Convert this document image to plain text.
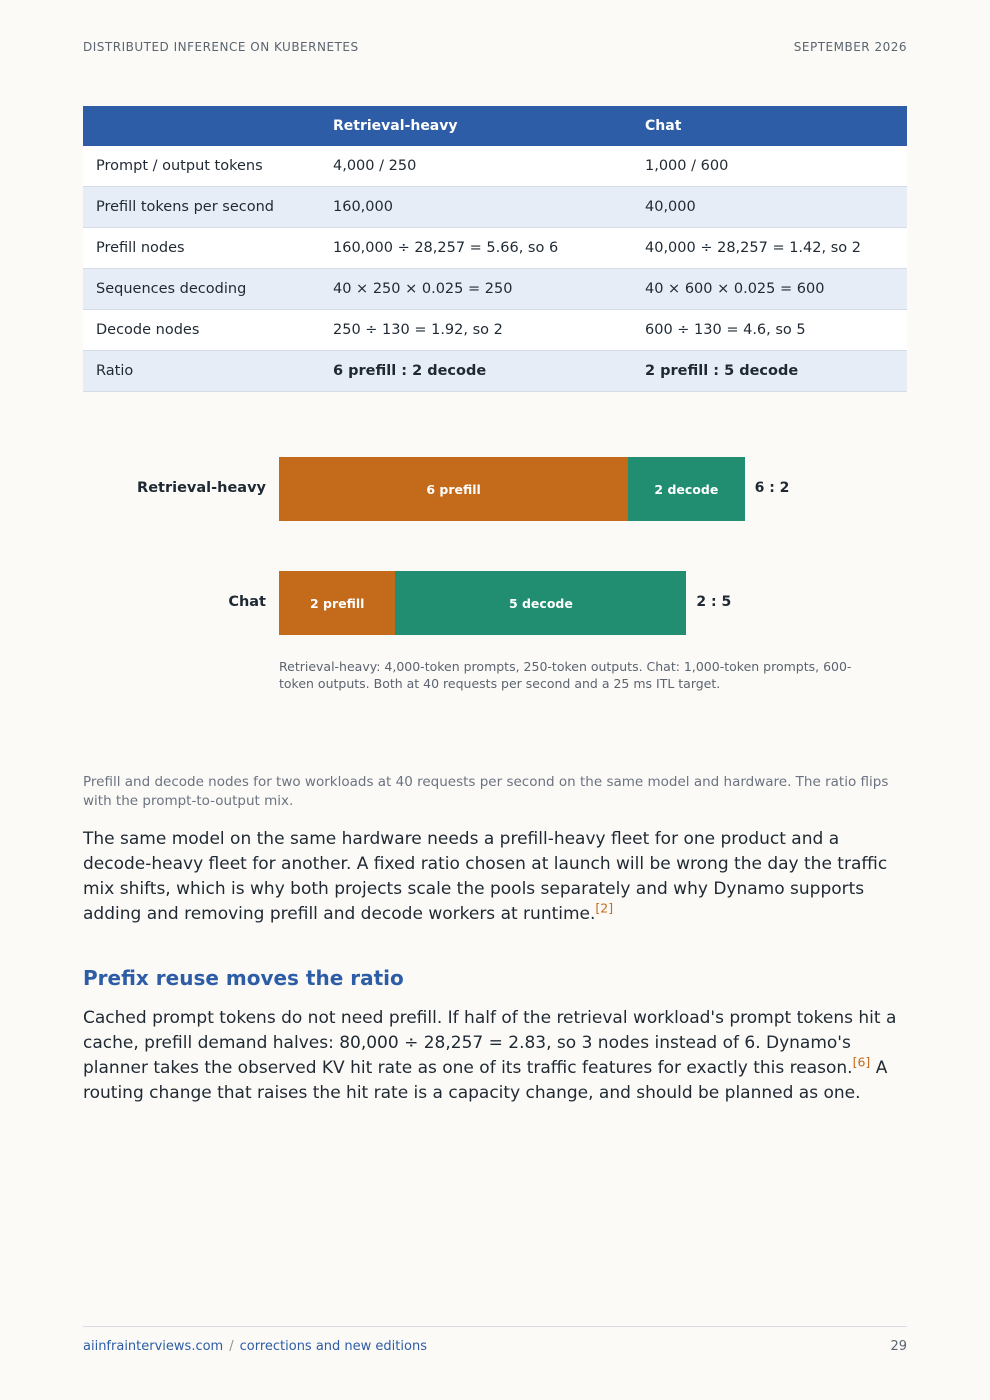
DISTRIBUTED INFERENCE ON KUBERNETES	SEPTEMBER 2026
	Retrieval-heavy	Chat
Prompt / output tokens	4,000 / 250	1,000 / 600
Prefill tokens per second	160,000	40,000
Prefill nodes	160,000 ÷ 28,257 = 5.66, so 6	40,000 ÷ 28,257 = 1.42, so 2
Sequences decoding	40 × 250 × 0.025 = 250	40 × 600 × 0.025 = 600
Decode nodes	250 ÷ 130 = 1.92, so 2	600 ÷ 130 = 4.6, so 5
Ratio	6 prefill : 2 decode	2 prefill : 5 decode
Retrieval-heavy: 4,000-token prompts, 250-token outputs. Chat: 1,000-token prompts, 600-token outputs. Both at 40 requests per second and a 25 ms ITL target.
Retrieval-heavy	6 prefill	2 decode	6 : 2
Chat	2 prefill	5 decode	2 : 5
Prefill and decode nodes for two workloads at 40 requests per second on the same model and hardware. The ratio flips with the prompt-to-output mix.

The same model on the same hardware needs a prefill-heavy fleet for one product and a decode-heavy fleet for another. A fixed ratio chosen at launch will be wrong the day the traffic mix shifts, which is why both projects scale the pools separately and why Dynamo supports adding and removing prefill and decode workers at runtime.[2]

Prefix reuse moves the ratio

Cached prompt tokens do not need prefill. If half of the retrieval workload's prompt tokens hit a cache, prefill demand halves: 80,000 ÷ 28,257 = 2.83, so 3 nodes instead of 6. Dynamo's planner takes the observed KV hit rate as one of its traffic features for exactly this reason.[6] A routing change that raises the hit rate is a capacity change, and should be planned as one.

aiinfrainterviews.com / corrections and new editions	29
